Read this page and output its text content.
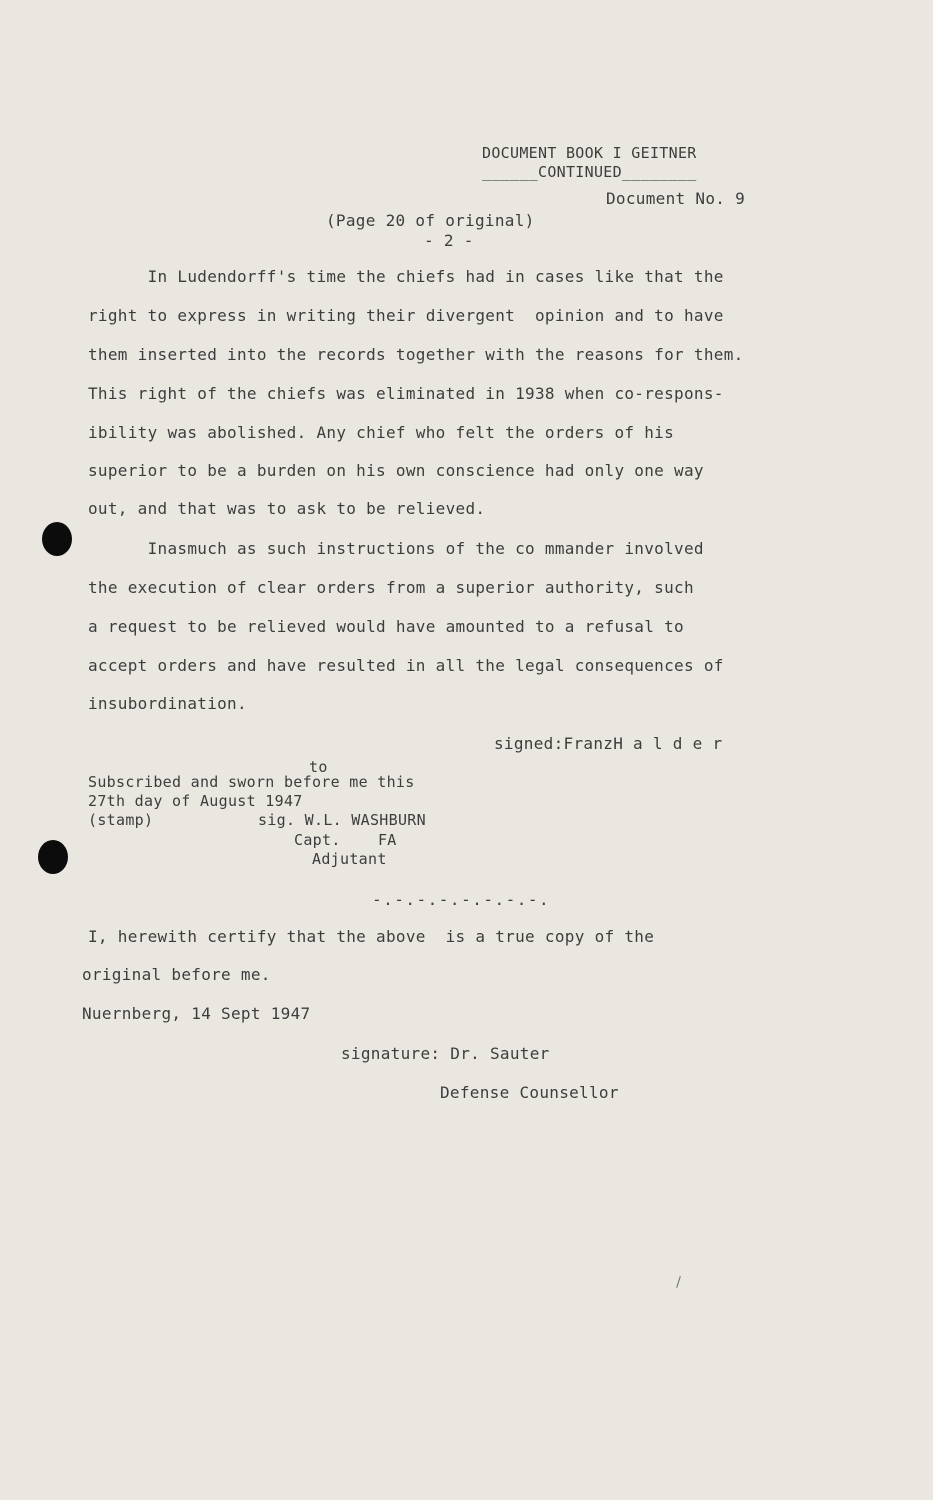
DOCUMENT BOOK I GEITNER
______CONTINUED________
Document No. 9
(Page 20 of original)
- 2 -
In Ludendorff's time the chiefs had in cases like that the
right to express in writing their divergent  opinion and to have
them inserted into the records together with the reasons for them.
This right of the chiefs was eliminated in 1938 when co-respons-
ibility was abolished. Any chief who felt the orders of his
superior to be a burden on his own conscience had only one way
out, and that was to ask to be relieved.
Inasmuch as such instructions of the co mmander involved
the execution of clear orders from a superior authority, such
a request to be relieved would have amounted to a refusal to
accept orders and have resulted in all the legal consequences of
insubordination.
signed:FranzH a l d e r
to
Subscribed and sworn before me this
27th day of August 1947
(stamp)	sig. W.L. WASHBURN
Capt.    FA
Adjutant
-.-.-.-.-.-.-.-.
I, herewith certify that the above  is a true copy of the
original before me.
Nuernberg, 14 Sept 1947
signature: Dr. Sauter
Defense Counsellor
